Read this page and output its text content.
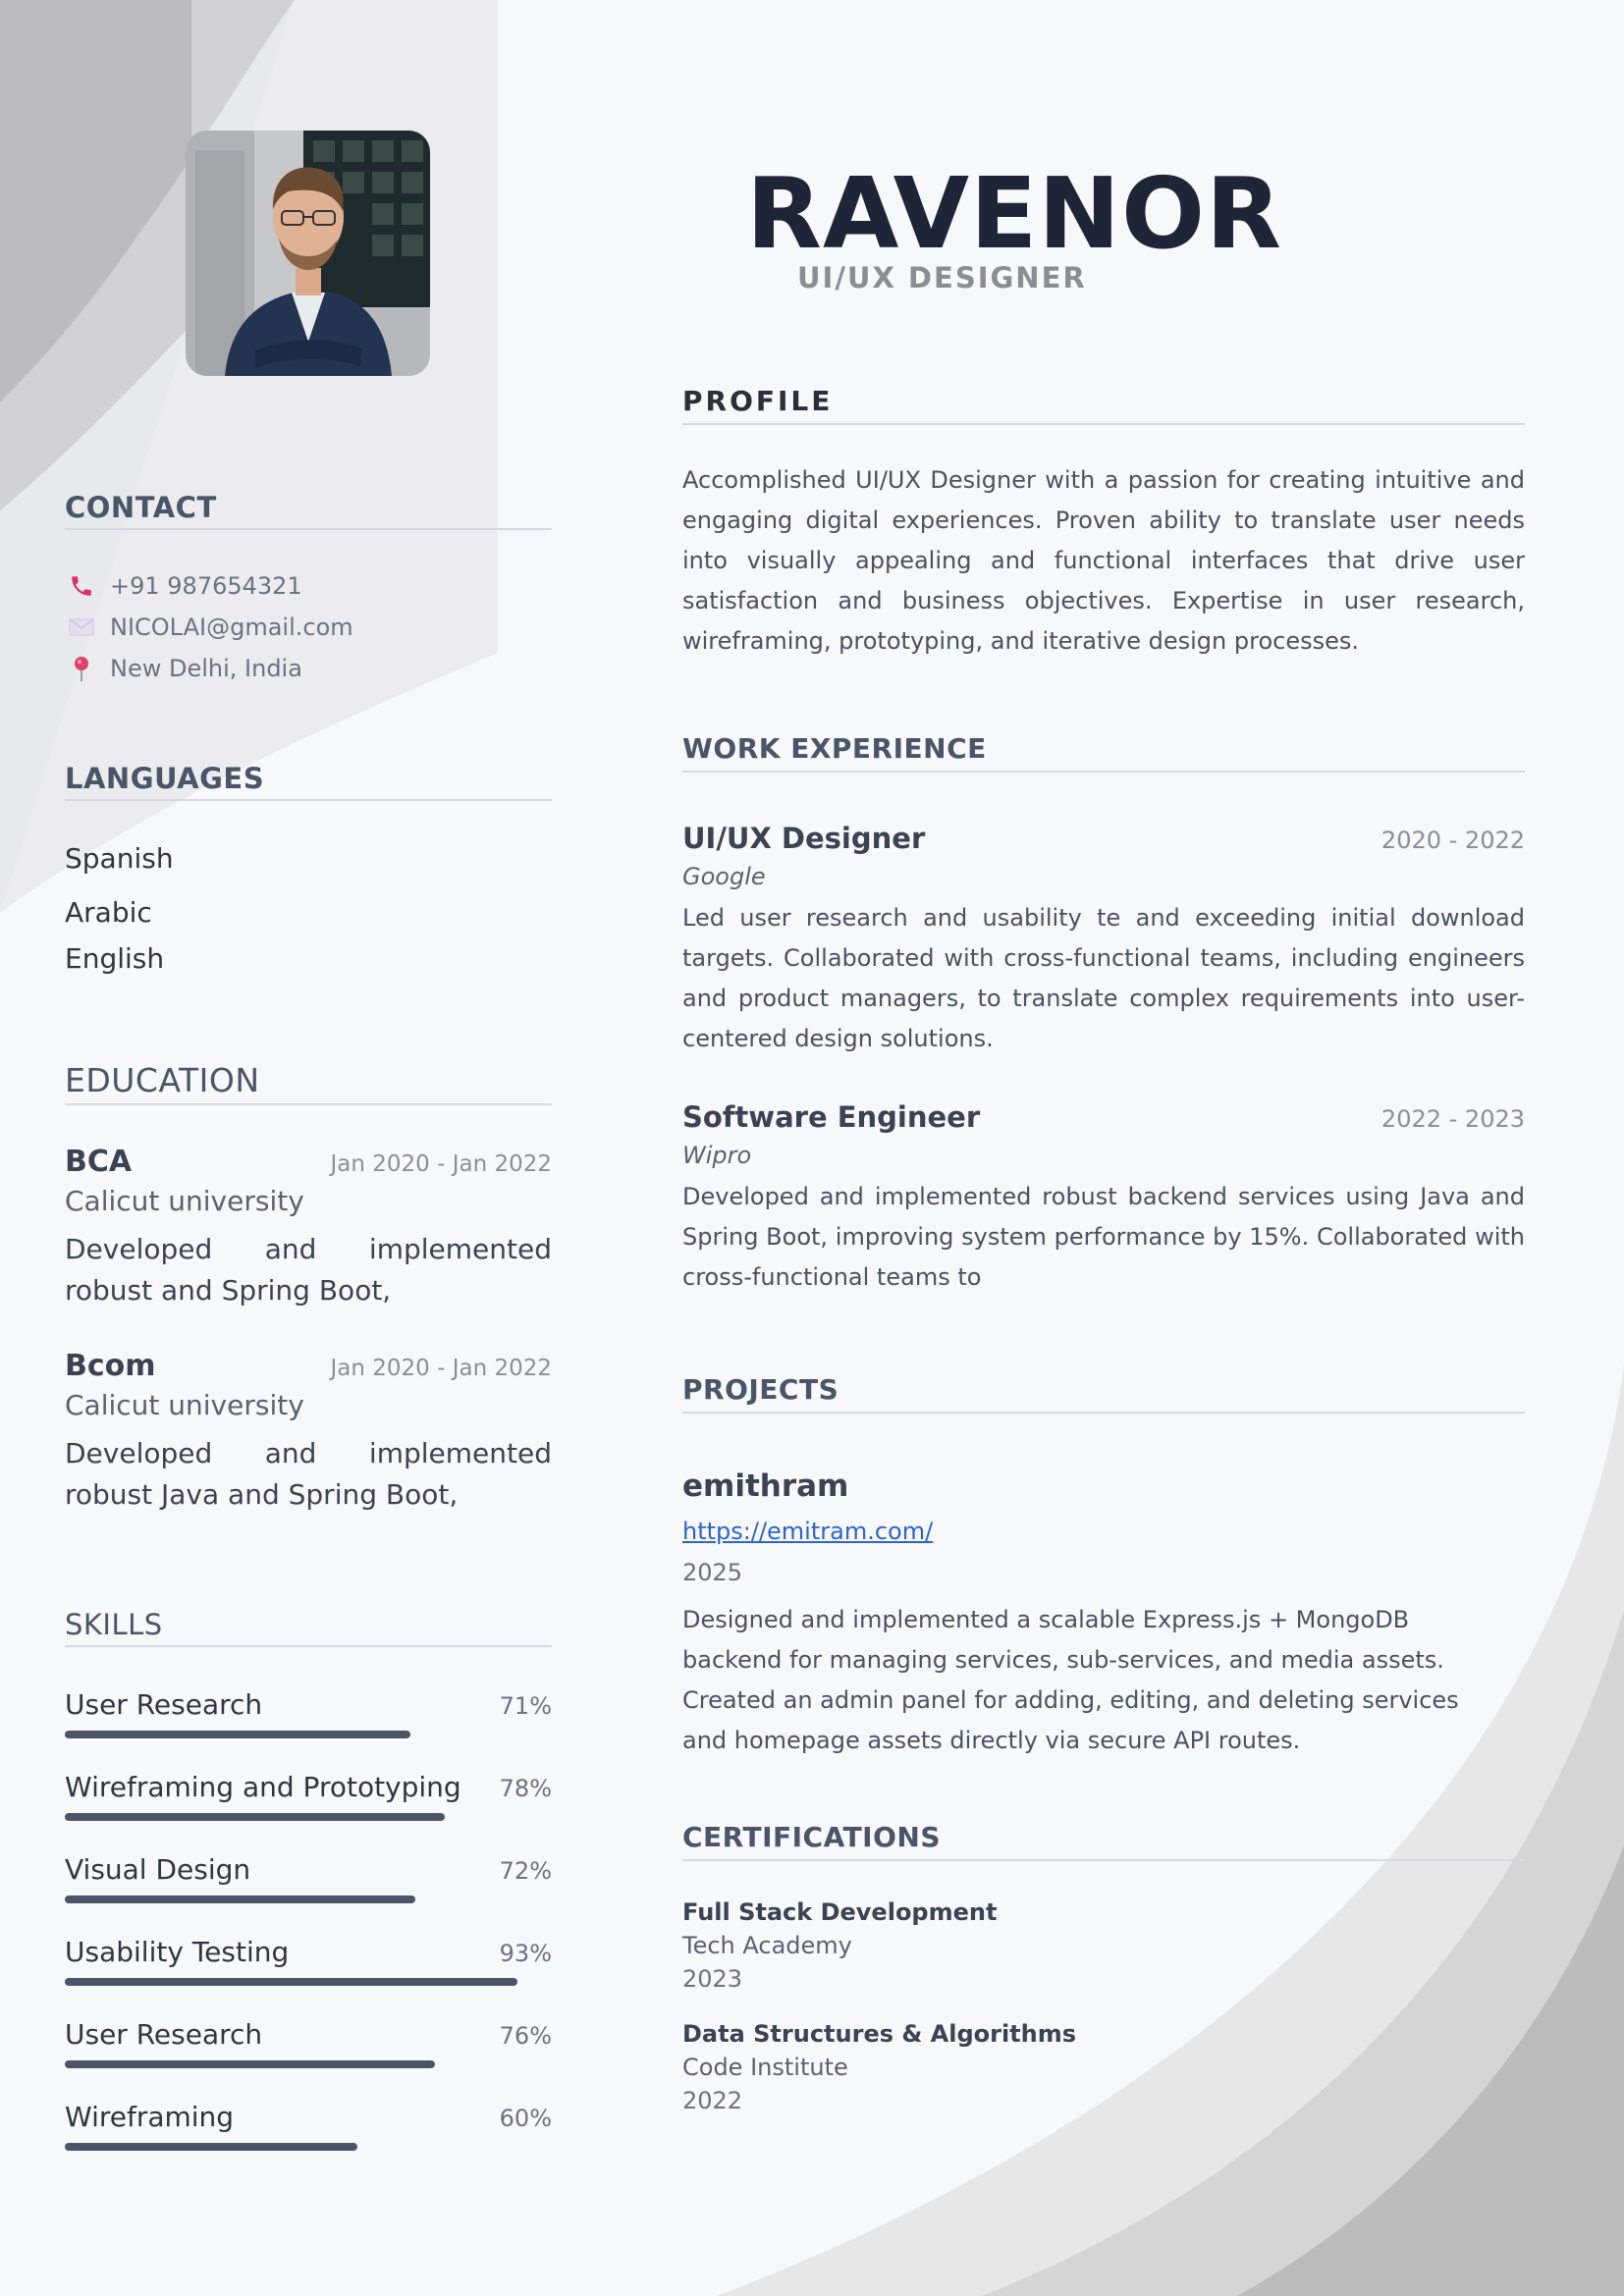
RAVENOR
UI/UX DESIGNER
CONTACT
+91 987654321
NICOLAI@gmail.com
New Delhi, India
LANGUAGES
Spanish
Arabic
English
EDUCATION
BCA	Jan 2020 - Jan 2022
Calicut university
Developed and implemented robust and Spring Boot,
Bcom	Jan 2020 - Jan 2022
Calicut university
Developed and implemented robust Java and Spring Boot,
SKILLS
User Research	71%
Wireframing and Prototyping 78%
Visual Design	72%
Usability Testing	93%
User Research	76%
Wireframing	60%
PROFILE
Accomplished UI/UX Designer with a passion for creating intuitive and engaging digital experiences. Proven ability to translate user needs into visually appealing and functional interfaces that drive user satisfaction and business objectives. Expertise in user research, wireframing, prototyping, and iterative design processes.
WORK EXPERIENCE
UI/UX Designer	2020 - 2022
Google
Led user research and usability te and exceeding initial download targets. Collaborated with cross-functional teams, including engineers and product managers, to translate complex requirements into user-centered design solutions.
Software Engineer	2022 - 2023
Wipro
Developed and implemented robust backend services using Java and Spring Boot, improving system performance by 15%. Collaborated with cross-functional teams to
PROJECTS
emithram
https://emitram.com/
2025
Designed and implemented a scalable Express.js + MongoDB backend for managing services, sub-services, and media assets. Created an admin panel for adding, editing, and deleting services and homepage assets directly via secure API routes.
CERTIFICATIONS
Full Stack Development
Tech Academy
2023
Data Structures & Algorithms
Code Institute
2022
